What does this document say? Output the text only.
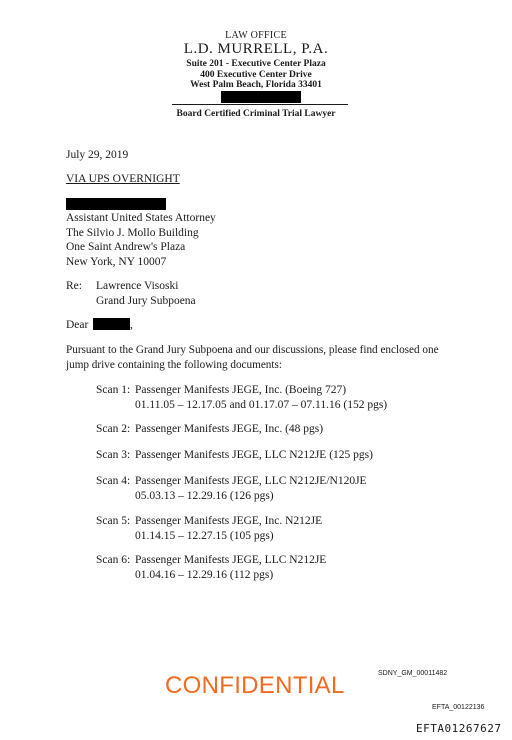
LAW OFFICE
L.D. MURRELL, P.A.
Suite 201 - Executive Center Plaza
400 Executive Center Drive
West Palm Beach, Florida 33401
Board Certified Criminal Trial Lawyer
July 29, 2019
VIA UPS OVERNIGHT
Assistant United States Attorney
The Silvio J. Mollo Building
One Saint Andrew's Plaza
New York, NY 10007
Re: Lawrence Visoski
Grand Jury Subpoena
Dear	,
Pursuant to the Grand Jury Subpoena and our discussions, please find enclosed one
jump drive containing the following documents:
Scan 1: Passenger Manifests JEGE, Inc. (Boeing 727)
01.11.05 – 12.17.05 and 01.17.07 – 07.11.16 (152 pgs)
Scan 2: Passenger Manifests JEGE, Inc. (48 pgs)
Scan 3: Passenger Manifests JEGE, LLC N212JE (125 pgs)
Scan 4: Passenger Manifests JEGE, LLC N212JE/N120JE
05.03.13 – 12.29.16 (126 pgs)
Scan 5: Passenger Manifests JEGE, Inc. N212JE
01.14.15 – 12.27.15 (105 pgs)
Scan 6: Passenger Manifests JEGE, LLC N212JE
01.04.16 – 12.29.16 (112 pgs)
SDNY_GM_00011482
CONFIDENTIAL
EFTA_00122136
EFTA01267627
